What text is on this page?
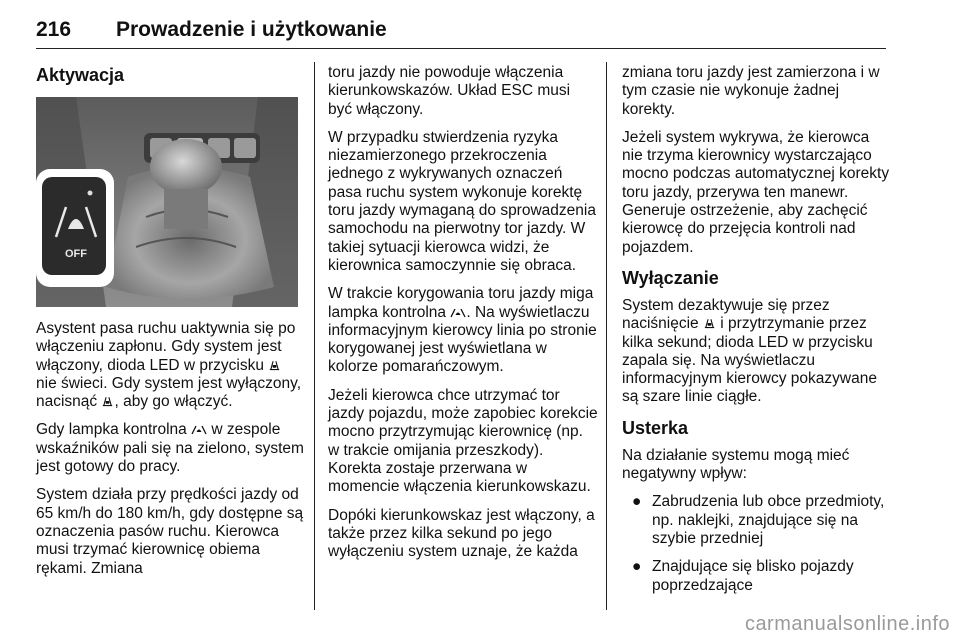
216 Prowadzenie i użytkowanie
Aktywacja
OFF

Asystent pasa ruchu uaktywnia się po włączeniu zapłonu. Gdy system jest włączony, dioda LED w przycisku  nie świeci. Gdy system jest wyłączony, nacisnąć , aby go włączyć.

Gdy lampka kontrolna  w zespole wskaźników pali się na zielono, system jest gotowy do pracy.

System działa przy prędkości jazdy od 65 km/h do 180 km/h, gdy dostępne są oznaczenia pasów ruchu. Kierowca musi trzymać kierownicę obiema rękami. Zmiana

toru jazdy nie powoduje włączenia kierunkowskazów. Układ ESC musi być włączony.

W przypadku stwierdzenia ryzyka niezamierzonego przekroczenia jednego z wykrywanych oznaczeń pasa ruchu system wykonuje korektę toru jazdy wymaganą do sprowadzenia samochodu na pierwotny tor jazdy. W takiej sytuacji kierowca widzi, że kierownica samoczynnie się obraca.

W trakcie korygowania toru jazdy miga lampka kontrolna . Na wyświetlaczu informacyjnym kierowcy linia po stronie korygowanej jest wyświetlana w kolorze pomarańczowym.

Jeżeli kierowca chce utrzymać tor jazdy pojazdu, może zapobiec korekcie mocno przytrzymując kierownicę (np. w trakcie omijania przeszkody). Korekta zostaje przerwana w momencie włączenia kierunkowskazu.

Dopóki kierunkowskaz jest włączony, a także przez kilka sekund po jego wyłączeniu system uznaje, że każda

zmiana toru jazdy jest zamierzona i w tym czasie nie wykonuje żadnej korekty.

Jeżeli system wykrywa, że kierowca nie trzyma kierownicy wystarczająco mocno podczas automatycznej korekty toru jazdy, przerywa ten manewr. Generuje ostrzeżenie, aby zachęcić kierowcę do przejęcia kontroli nad pojazdem.

Wyłączanie

System dezaktywuje się przez naciśnięcie  i przytrzymanie przez kilka sekund; dioda LED w przycisku zapala się. Na wyświetlaczu informacyjnym kierowcy pokazywane są szare linie ciągłe.

Usterka

Na działanie systemu mogą mieć negatywny wpływ:

● Zabrudzenia lub obce przedmioty, np. naklejki, znajdujące się na szybie przedniej
● Znajdujące się blisko pojazdy poprzedzające
carmanualsonline.info
